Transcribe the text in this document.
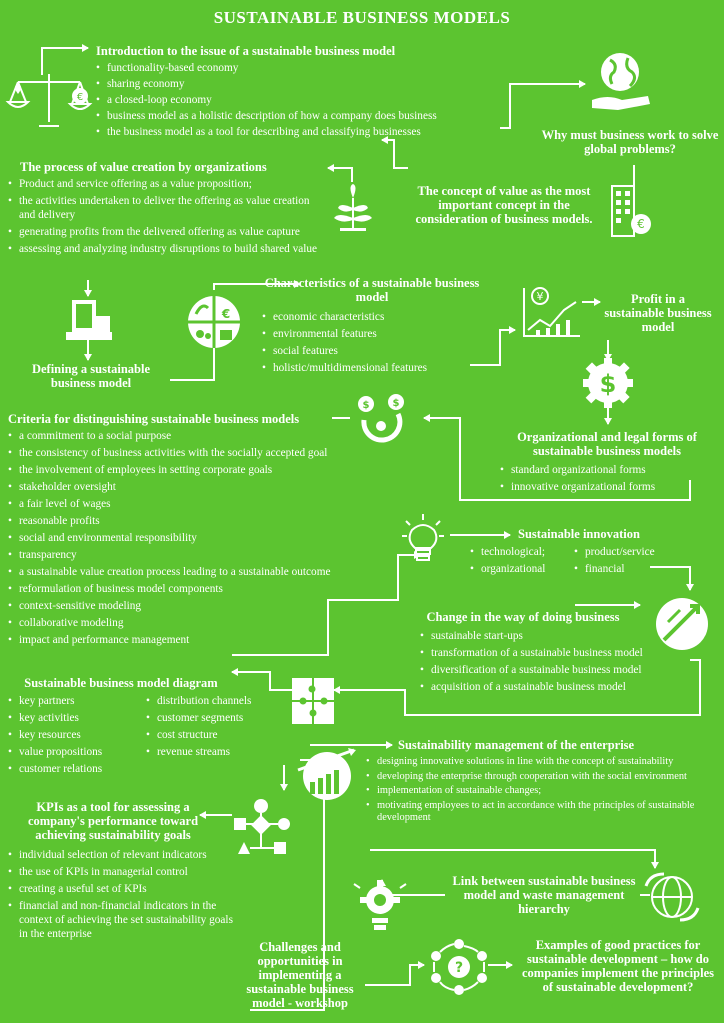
SUSTAINABLE BUSINESS MODELS
€
€
€
¥
$
$ $
?
Introduction to the issue of a sustainable business model
• functionality-based economy
• sharing economy
• a closed-loop economy
• business model as a holistic description of how a company does business
• the business model as a tool for describing and classifying businesses	Why must business work to solve global problems?
The concept of value as the most important concept in the consideration of business models.
The process of value creation by organizations
• Product and service offering as a value proposition;
• the activities undertaken to deliver the offering as value creation and delivery
• generating profits from the delivered offering as value capture
• assessing and analyzing industry disruptions to build shared value
Defining a sustainable business model
Characteristics of a sustainable business model
• economic characteristics
• environmental features
• social features
• holistic/multidimensional features
Profit in a sustainable business model
Organizational and legal forms of sustainable business models
• standard organizational forms
• innovative organizational forms
Criteria for distinguishing sustainable business models
• a commitment to a social purpose
• the consistency of business activities with the socially accepted goal
• the involvement of employees in setting corporate goals
• stakeholder oversight
• a fair level of wages
• reasonable profits
• social and environmental responsibility
• transparency
• a sustainable value creation process leading to a sustainable outcome
• reformulation of business model components
• context-sensitive modeling
• collaborative modeling
• impact and performance management
Sustainable innovation
• technological;
• organizational
• product/service
• financial
Change in the way of doing business
• sustainable start-ups
• transformation of a sustainable business model
• diversification of a sustainable business model
• acquisition of a sustainable business model
Sustainable business model diagram
• key partners
• key activities
• key resources
• value propositions
• customer relations
• distribution channels
• customer segments
• cost structure
• revenue streams	Sustainability management of the enterprise
• designing innovative solutions in line with the concept of sustainability
• developing the enterprise through cooperation with the social environment
• implementation of sustainable changes;
• motivating employees to act in accordance with the principles of sustainable development
KPIs as a tool for assessing a company's performance toward achieving sustainability goals
• individual selection of relevant indicators
• the use of KPIs in managerial control
• creating a useful set of KPIs
• financial and non-financial indicators in the context of achieving the set sustainability goals in the enterprise
Link between sustainable business model and waste management hierarchy
Challenges and opportunities in implementing a sustainable business model - workshop
Examples of good practices for sustainable development – how do companies implement the principles of sustainable development?
